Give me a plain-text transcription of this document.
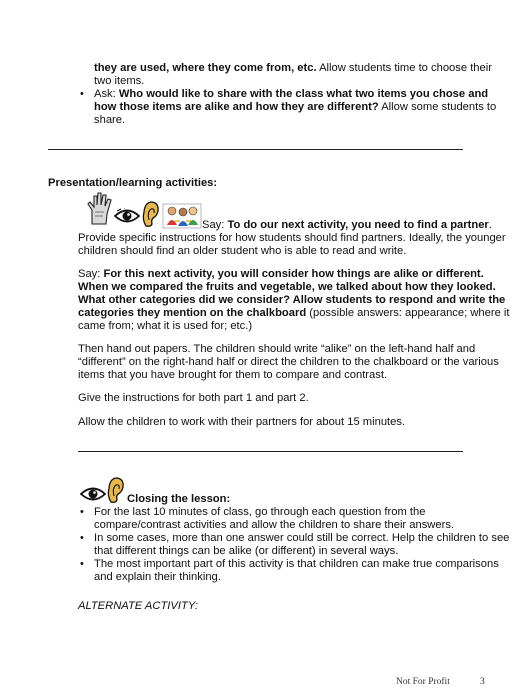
they are used, where they come from, etc. Allow students time to choose their
two items.
• Ask: Who would like to share with the class what two items you chose and
how those items are alike and how they are different? Allow some students to
share.
Presentation/learning activities:
Say: To do our next activity, you need to find a partner.
Provide specific instructions for how students should find partners. Ideally, the younger
children should find an older student who is able to read and write.
Say: For this next activity, you will consider how things are alike or different.
When we compared the fruits and vegetable, we talked about how they looked.
What other categories did we consider? Allow students to respond and write the
categories they mention on the chalkboard (possible answers: appearance; where it
came from; what it is used for; etc.)
Then hand out papers. The children should write “alike” on the left-hand half and
“different” on the right-hand half or direct the children to the chalkboard or the various
items that you have brought for them to compare and contrast.
Give the instructions for both part 1 and part 2.
Allow the children to work with their partners for about 15 minutes.
Closing the lesson:
• For the last 10 minutes of class, go through each question from the
compare/contrast activities and allow the children to share their answers.
• In some cases, more than one answer could still be correct. Help the children to see
that different things can be alike (or different) in several ways.
• The most important part of this activity is that children can make true comparisons
and explain their thinking.
ALTERNATE ACTIVITY:
Not For Profit	3
